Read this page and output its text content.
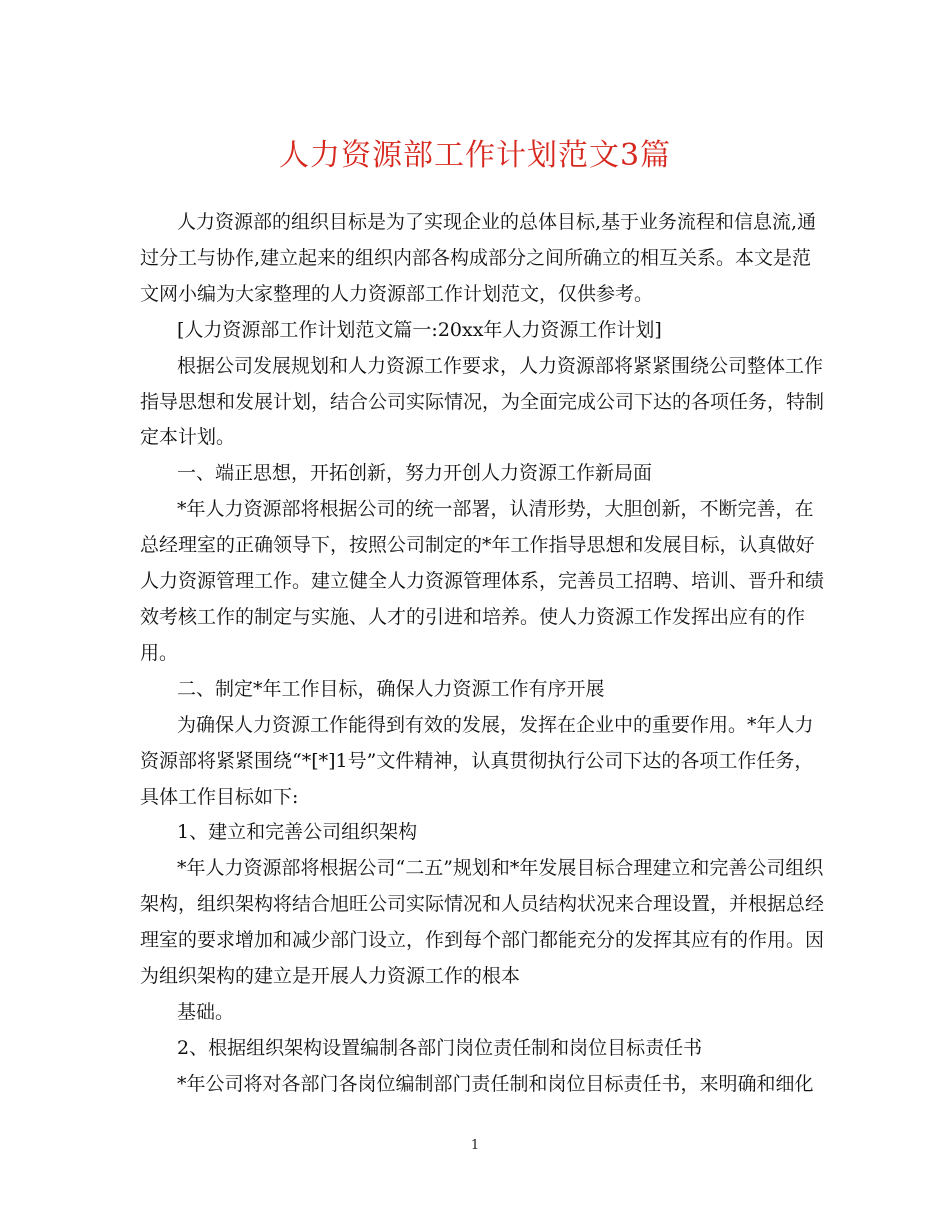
人力资源部工作计划范文3篇

人力资源部的组织目标是为了实现企业的总体目标,基于业务流程和信息流,通

过分工与协作,建立起来的组织内部各构成部分之间所确立的相互关系。本文是范

文网小编为大家整理的人力资源部工作计划范文，仅供参考。

[人力资源部工作计划范文篇一:20xx年人力资源工作计划]

根据公司发展规划和人力资源工作要求，人力资源部将紧紧围绕公司整体工作

指导思想和发展计划，结合公司实际情况，为全面完成公司下达的各项任务，特制

定本计划。

一、端正思想，开拓创新，努力开创人力资源工作新局面

*年人力资源部将根据公司的统一部署，认清形势，大胆创新，不断完善，在

总经理室的正确领导下，按照公司制定的*年工作指导思想和发展目标，认真做好

人力资源管理工作。建立健全人力资源管理体系，完善员工招聘、培训、晋升和绩

效考核工作的制定与实施、人才的引进和培养。使人力资源工作发挥出应有的作

用。

二、制定*年工作目标，确保人力资源工作有序开展

为确保人力资源工作能得到有效的发展，发挥在企业中的重要作用。*年人力

资源部将紧紧围绕“*[*]1号”文件精神，认真贯彻执行公司下达的各项工作任务，

具体工作目标如下:

1、建立和完善公司组织架构

*年人力资源部将根据公司“二五”规划和*年发展目标合理建立和完善公司组织

架构，组织架构将结合旭旺公司实际情况和人员结构状况来合理设置，并根据总经

理室的要求增加和减少部门设立，作到每个部门都能充分的发挥其应有的作用。因

为组织架构的建立是开展人力资源工作的根本

基础。

2、根据组织架构设置编制各部门岗位责任制和岗位目标责任书

*年公司将对各部门各岗位编制部门责任制和岗位目标责任书，来明确和细化

1
